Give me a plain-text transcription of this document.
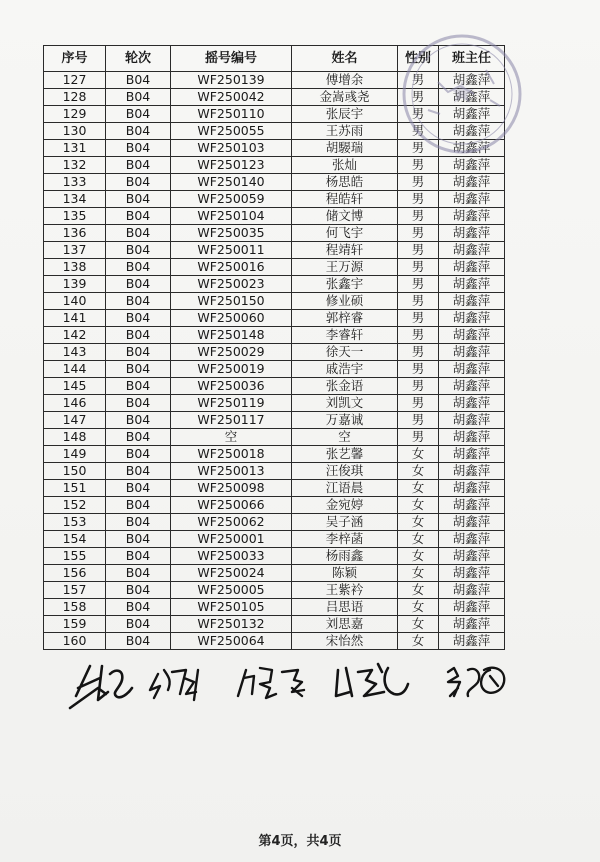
序号	轮次	摇号编号	姓名	性别	班主任
127	B04	WF250139	傅增余	男	胡鑫萍
128	B04	WF250042	金嵩彧尧	男	胡鑫萍
129	B04	WF250110	张辰宇	男	胡鑫萍
130	B04	WF250055	王苏雨	男	胡鑫萍
131	B04	WF250103	胡騴瑞	男	胡鑫萍
132	B04	WF250123	张灿	男	胡鑫萍
133	B04	WF250140	杨思皓	男	胡鑫萍
134	B04	WF250059	程皓轩	男	胡鑫萍
135	B04	WF250104	储文博	男	胡鑫萍
136	B04	WF250035	何飞宇	男	胡鑫萍
137	B04	WF250011	程靖轩	男	胡鑫萍
138	B04	WF250016	王万源	男	胡鑫萍
139	B04	WF250023	张鑫宇	男	胡鑫萍
140	B04	WF250150	修业硕	男	胡鑫萍
141	B04	WF250060	郭梓睿	男	胡鑫萍
142	B04	WF250148	李睿轩	男	胡鑫萍
143	B04	WF250029	徐天一	男	胡鑫萍
144	B04	WF250019	戚浩宇	男	胡鑫萍
145	B04	WF250036	张金语	男	胡鑫萍
146	B04	WF250119	刘凯文	男	胡鑫萍
147	B04	WF250117	万嘉诚	男	胡鑫萍
148	B04	空	空	男	胡鑫萍
149	B04	WF250018	张艺馨	女	胡鑫萍
150	B04	WF250013	汪俊琪	女	胡鑫萍
151	B04	WF250098	江语晨	女	胡鑫萍
152	B04	WF250066	金宛婷	女	胡鑫萍
153	B04	WF250062	吴子涵	女	胡鑫萍
154	B04	WF250001	李梓菡	女	胡鑫萍
155	B04	WF250033	杨雨鑫	女	胡鑫萍
156	B04	WF250024	陈颖	女	胡鑫萍
157	B04	WF250005	王紫衿	女	胡鑫萍
158	B04	WF250105	吕思语	女	胡鑫萍
159	B04	WF250132	刘思嘉	女	胡鑫萍
160	B04	WF250064	宋怡然	女	胡鑫萍
第4页，共4页
